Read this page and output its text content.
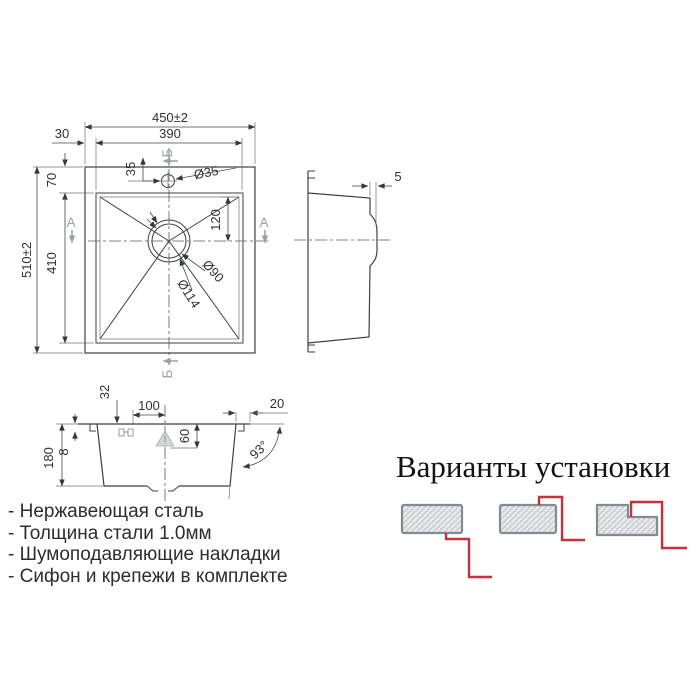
450±2
390
30
510±2
70
410
120
35	Ø35
Ø90
Ø114
А	А
Б
Б
5
180 8
32
100
60
20
93°
- Нержавеющая сталь
- Толщина стали 1.0мм
- Шумоподавляющие накладки
- Сифон и крепежи в комплекте
Варианты установки
